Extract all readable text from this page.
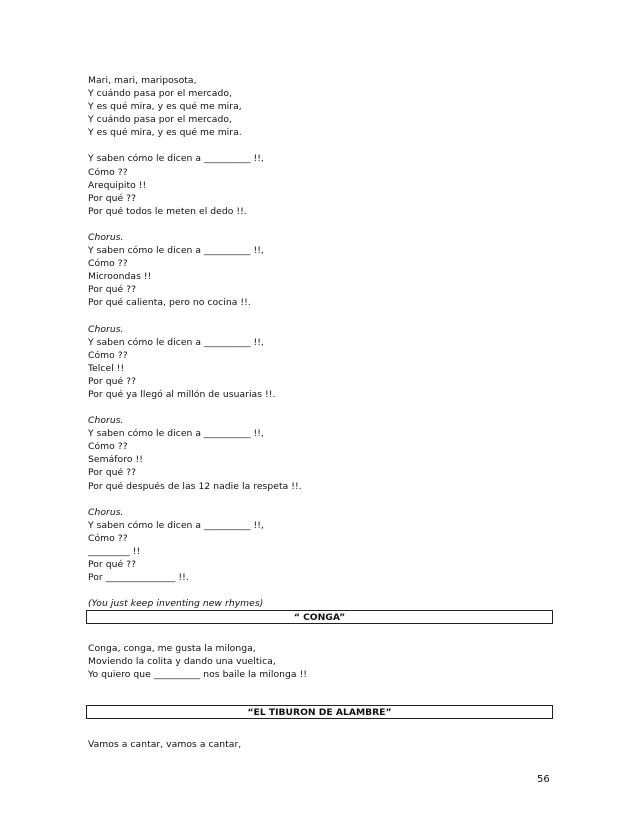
Mari, mari, mariposota,
Y cuándo pasa por el mercado,
Y es qué mira, y es qué me mira,
Y cuándo pasa por el mercado,
Y es qué mira, y es qué me mira.
Y saben cómo le dicen a __________ !!,
Cómo ??
Arequipito !!
Por qué ??
Por qué todos le meten el dedo !!.
Chorus.
Y saben cómo le dicen a __________ !!,
Cómo ??
Microondas !!
Por qué ??
Por qué calienta, pero no cocina !!.
Chorus.
Y saben cómo le dicen a __________ !!,
Cómo ??
Telcel !!
Por qué ??
Por qué ya llegó al millón de usuarias !!.
Chorus.
Y saben cómo le dicen a __________ !!,
Cómo ??
Semáforo !!
Por qué ??
Por qué después de las 12 nadie la respeta !!.
Chorus.
Y saben cómo le dicen a __________ !!,
Cómo ??
_________ !!
Por qué ??
Por _______________ !!.
(You just keep inventing new rhymes)
“ CONGA”
Conga, conga, me gusta la milonga,
Moviendo la colita y dando una vueltica,
Yo quiero que __________ nos baile la milonga !!
“EL TIBURON DE ALAMBRE”
Vamos a cantar, vamos a cantar,
56
